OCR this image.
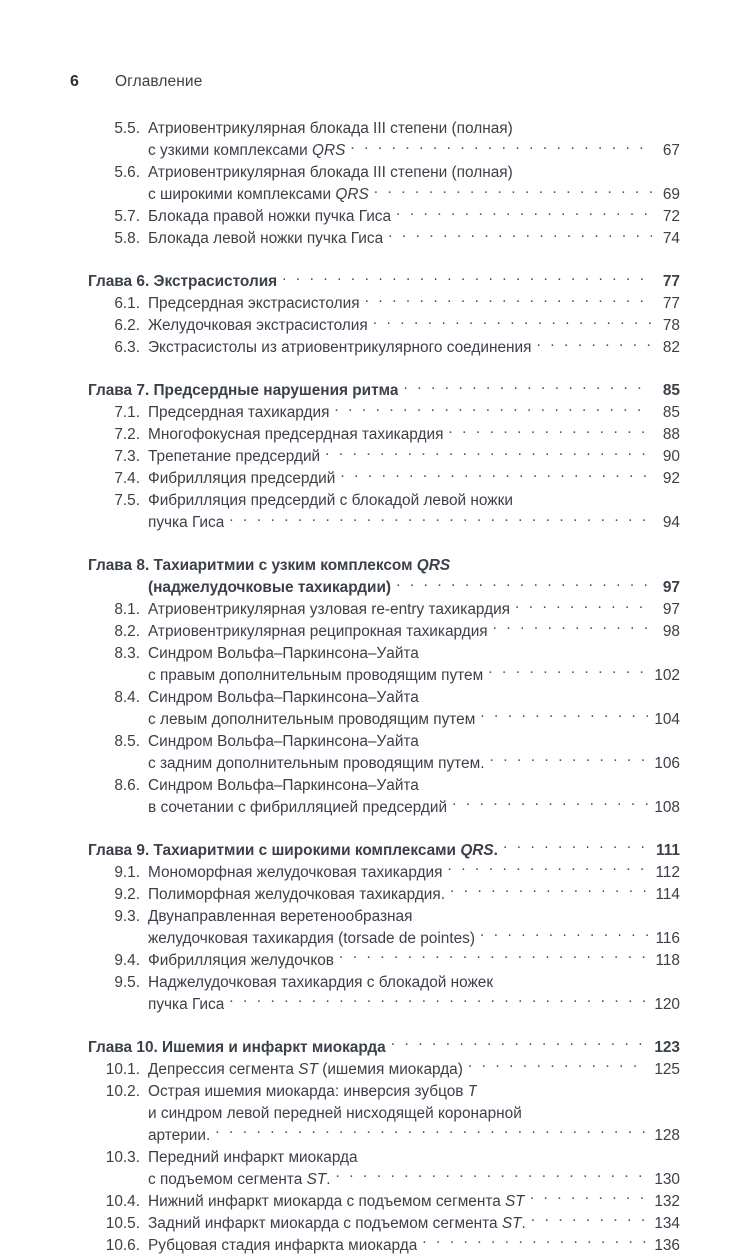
6	Оглавление
5.5. Атриовентрикулярная блокада III степени (полная)
с узкими комплексами QRS . . .	67
5.6. Атриовентрикулярная блокада III степени (полная)
с широкими комплексами QRS . . .	69
5.7. Блокада правой ножки пучка Гиса . . .	72
5.8. Блокада левой ножки пучка Гиса . . .	74
Глава 6. Экстрасистолия . . .	77
6.1. Предсердная экстрасистолия . . .	77
6.2. Желудочковая экстрасистолия . . .	78
6.3. Экстрасистолы из атриовентрикулярного соединения . . .	82
Глава 7. Предсердные нарушения ритма . . .	85
7.1. Предсердная тахикардия . . .	85
7.2. Многофокусная предсердная тахикардия . . .	88
7.3. Трепетание предсердий . . .	90
7.4. Фибрилляция предсердий . . .	92
7.5. Фибрилляция предсердий с блокадой левой ножки
пучка Гиса . . .	94
Глава 8. Тахиаритмии с узким комплексом QRS
(наджелудочковые тахикардии) . . .	97
8.1. Атриовентрикулярная узловая re-entry тахикардия . . .	97
8.2. Атриовентрикулярная реципрокная тахикардия . . .	98
8.3. Синдром Вольфа–Паркинсона–Уайта
с правым дополнительным проводящим путем . . .	102
8.4. Синдром Вольфа–Паркинсона–Уайта
с левым дополнительным проводящим путем . . .	104
8.5. Синдром Вольфа–Паркинсона–Уайта
с задним дополнительным проводящим путем. . . .	106
8.6. Синдром Вольфа–Паркинсона–Уайта
в сочетании с фибрилляцией предсердий . . .	108
Глава 9. Тахиаритмии с широкими комплексами QRS. . . .	111
9.1. Мономорфная желудочковая тахикардия . . .	112
9.2. Полиморфная желудочковая тахикардия. . . .	114
9.3. Двунаправленная веретенообразная
желудочковая тахикардия (torsade de pointes) . . .	116
9.4. Фибрилляция желудочков . . .	118
9.5. Наджелудочковая тахикардия с блокадой ножек
пучка Гиса . . .	120
Глава 10. Ишемия и инфаркт миокарда . . .	123
10.1. Депрессия сегмента ST (ишемия миокарда) . . .	125
10.2. Острая ишемия миокарда: инверсия зубцов T
и синдром левой передней нисходящей коронарной
артерии. . . .	128
10.3. Передний инфаркт миокарда
с подъемом сегмента ST. . . .	130
10.4. Нижний инфаркт миокарда с подъемом сегмента ST . . .	132
10.5. Задний инфаркт миокарда с подъемом сегмента ST. . . .	134
10.6. Рубцовая стадия инфаркта миокарда . . .	136
